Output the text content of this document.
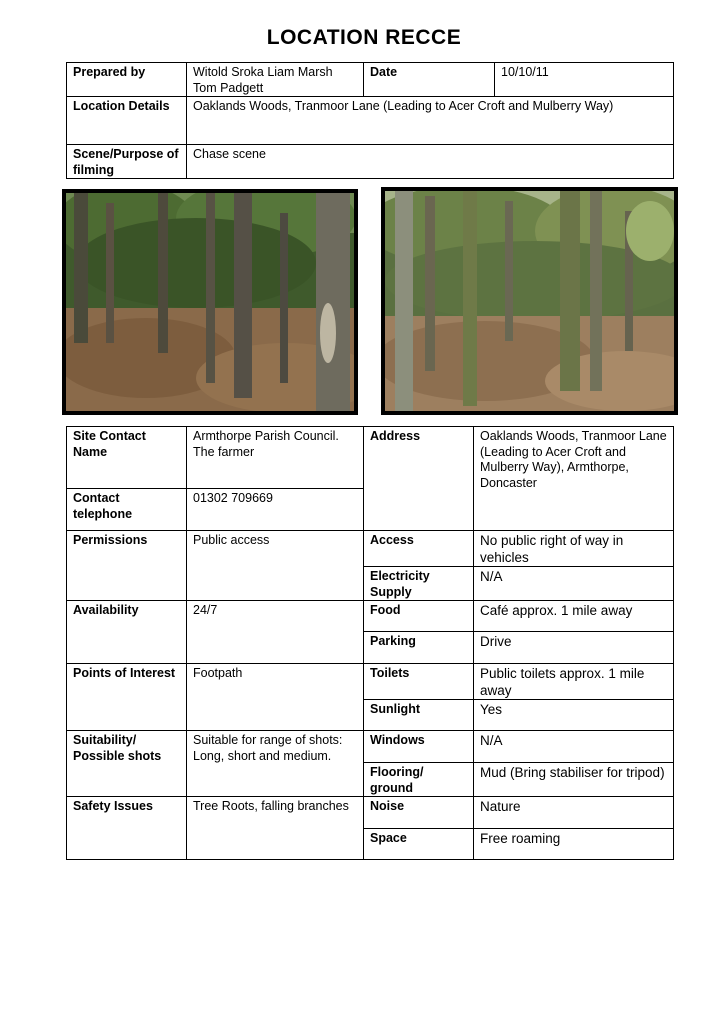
LOCATION RECCE
Prepared by	Witold Sroka Liam Marsh Tom Padgett	Date	10/10/11
Location Details	Oaklands Woods, Tranmoor Lane (Leading to Acer Croft and Mulberry Way)		
Scene/Purpose of filming	Chase scene		
Site Contact Name	Armthorpe Parish Council. The farmer	Address	Oaklands Woods, Tranmoor Lane (Leading to Acer Croft and Mulberry Way), Armthorpe, Doncaster
Contact telephone	01302 709669		
Permissions	Public access	Access	No public right of way in vehicles
		Electricity Supply	N/A
Availability	24/7	Food	Café approx. 1 mile away
		Parking	Drive
Points of Interest	Footpath	Toilets	Public toilets approx. 1 mile away
		Sunlight	Yes
Suitability/ Possible shots	Suitable for range of shots: Long, short and medium.	Windows	N/A
		Flooring/ ground	Mud (Bring stabiliser for tripod)
Safety Issues	Tree Roots, falling branches	Noise	Nature
		Space	Free roaming
